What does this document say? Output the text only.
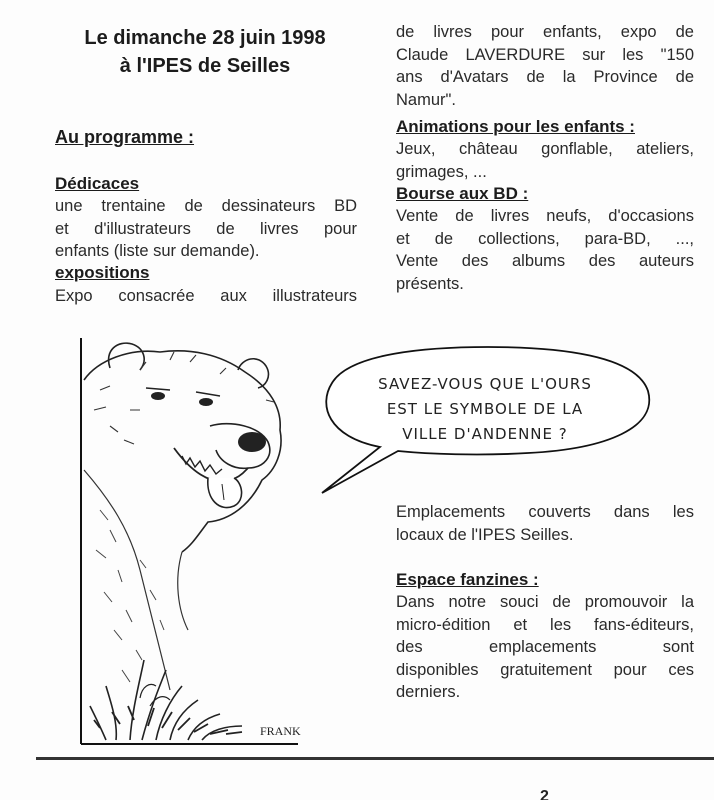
Le dimanche 28 juin 1998
à l'IPES de Seilles
Au programme :
Dédicaces
une trentaine de dessinateurs BD
et d'illustrateurs de livres pour
enfants (liste sur demande).
expositions
Expo consacrée aux illustrateurs
de livres pour enfants, expo de
Claude LAVERDURE sur les "150
ans d'Avatars de la Province de
Namur".
Animations pour les enfants :
Jeux, château gonflable, ateliers,
grimages, ...
Bourse aux BD :
Vente de livres neufs, d'occasions
et de collections, para-BD, ...,
Vente des albums des auteurs
présents.
FRANK
SAVEZ-VOUS QUE L'OURS
EST LE SYMBOLE DE LA
VILLE D'ANDENNE ?
Emplacements couverts dans les
locaux de l'IPES Seilles.
Espace fanzines :
Dans notre souci de promouvoir la
micro-édition et les fans-éditeurs,
des emplacements sont
disponibles gratuitement pour ces
derniers.
2
